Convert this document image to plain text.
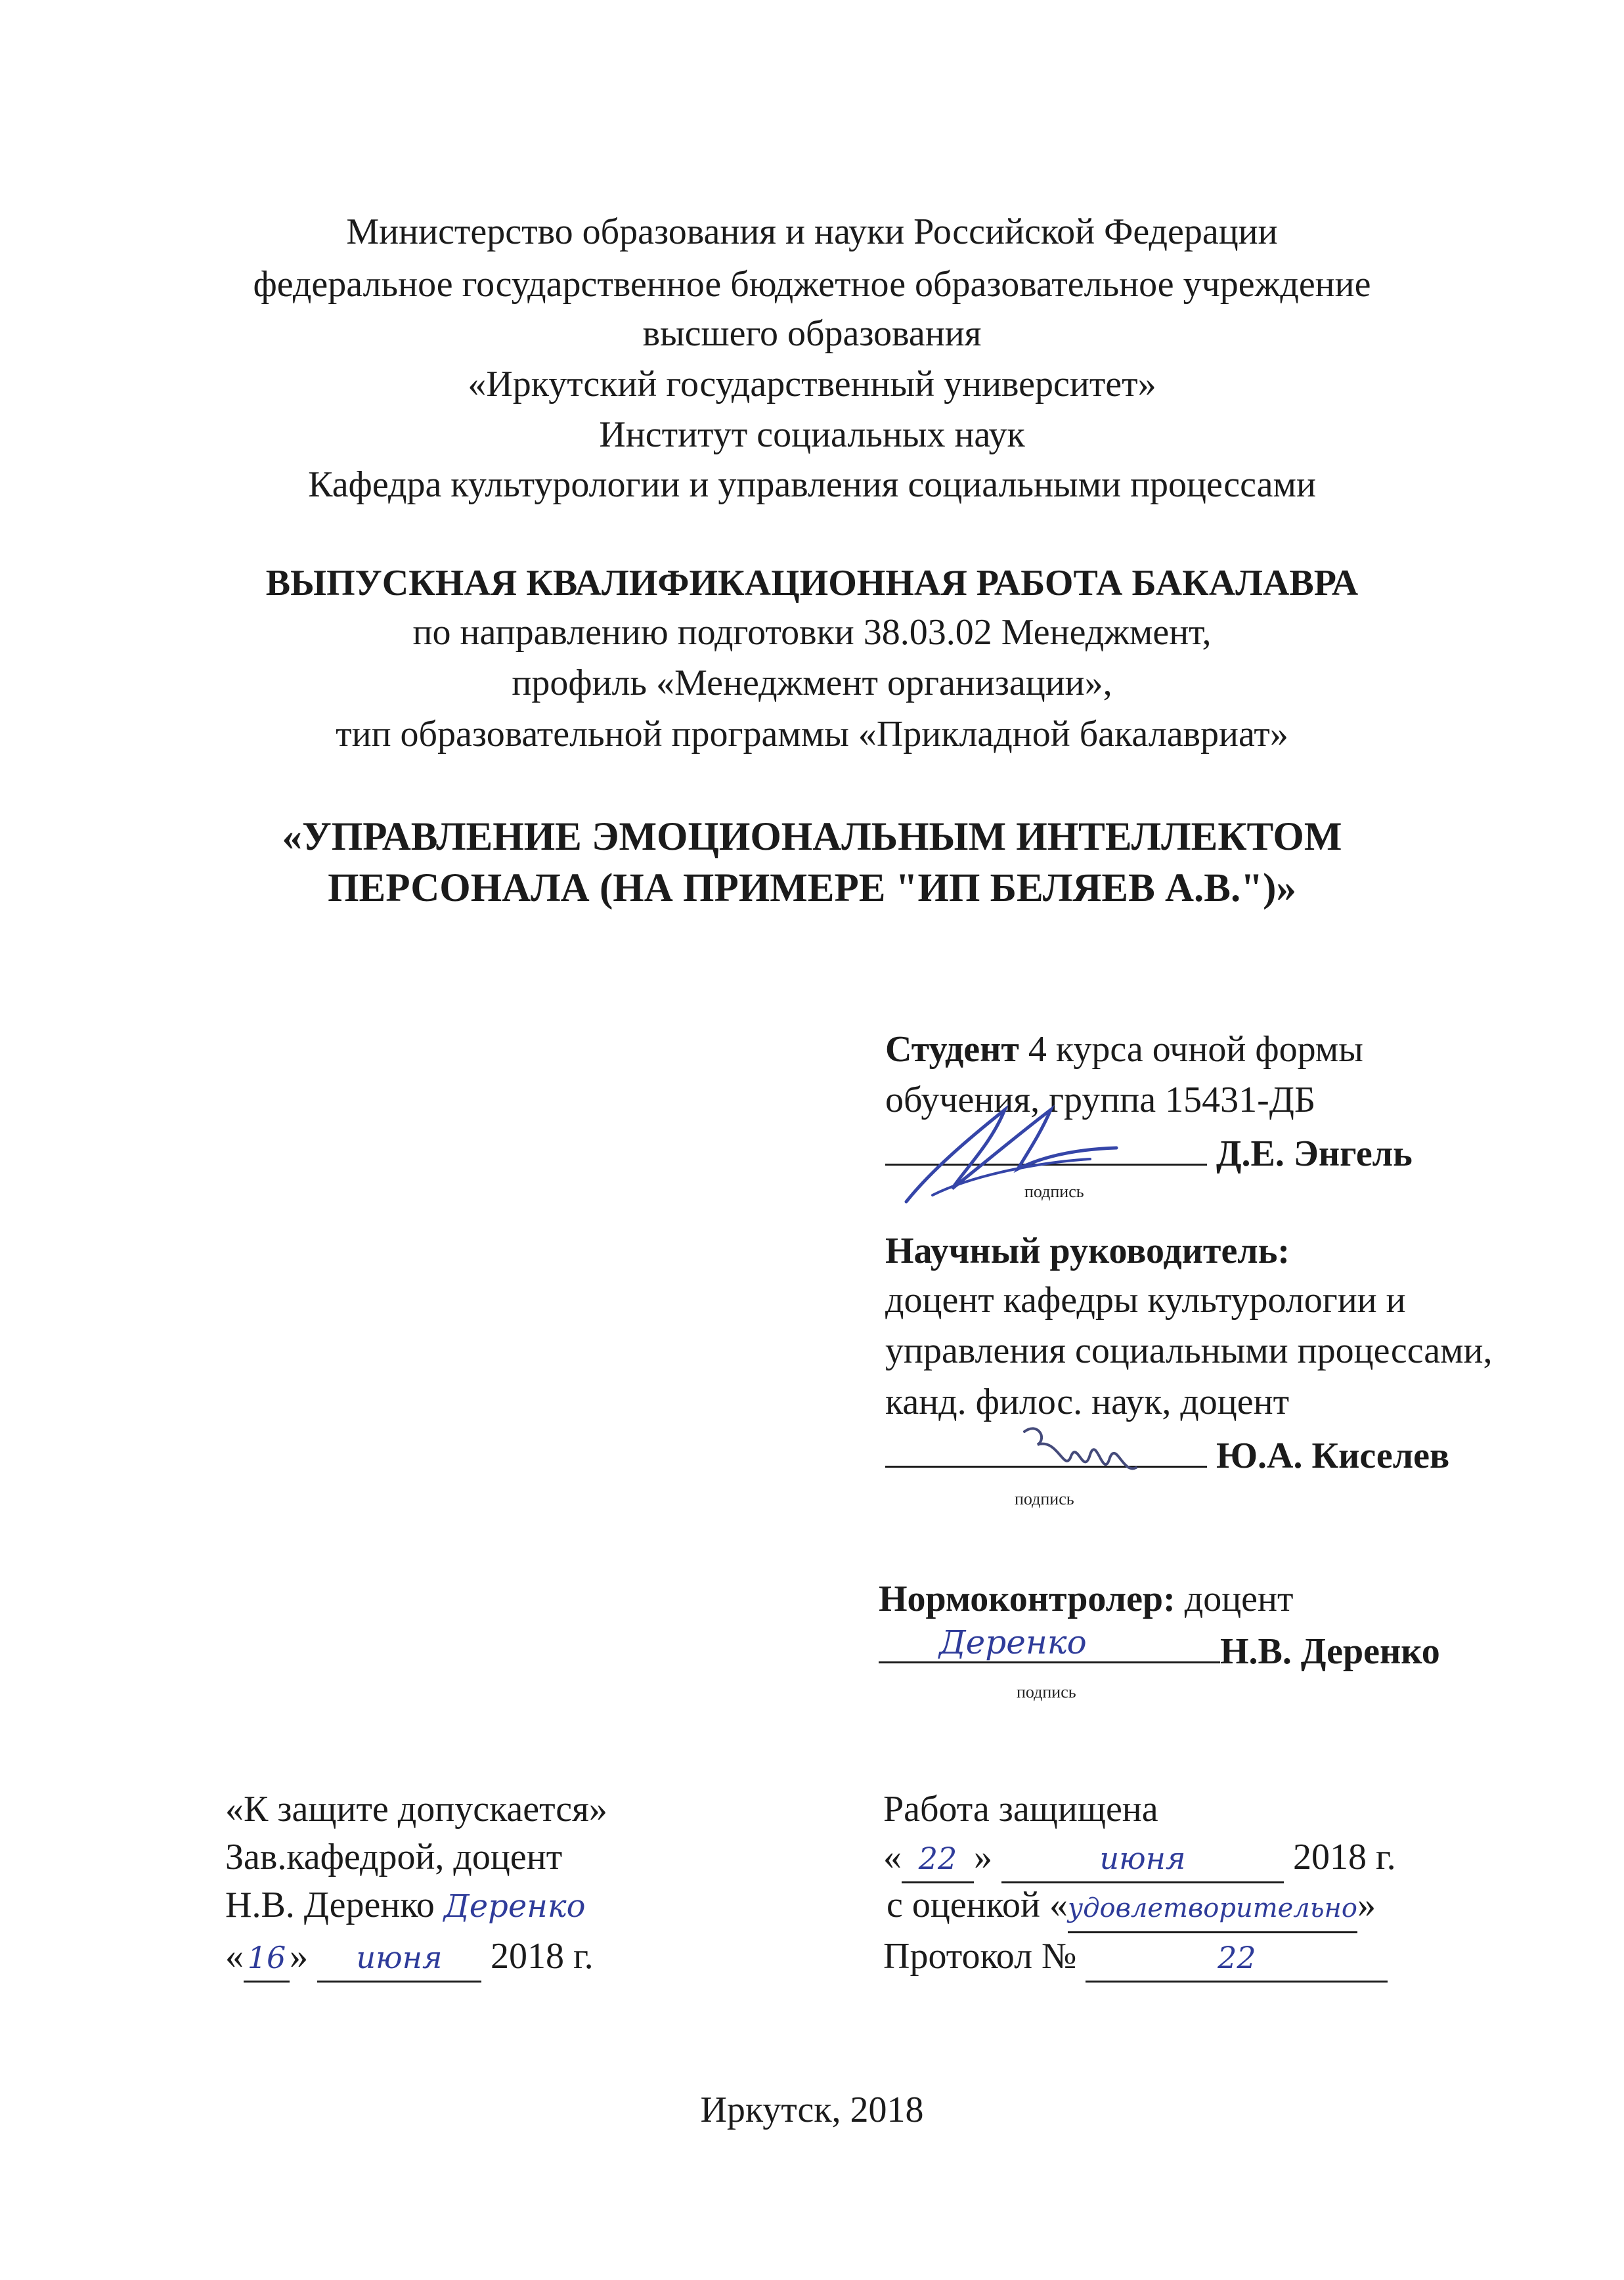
Министерство образования и науки Российской Федерации
федеральное государственное бюджетное образовательное учреждение
высшего образования
«Иркутский государственный университет»
Институт социальных наук
Кафедра культурологии и управления социальными процессами
ВЫПУСКНАЯ КВАЛИФИКАЦИОННАЯ РАБОТА БАКАЛАВРА
по направлению подготовки 38.03.02 Менеджмент,
профиль «Менеджмент организации»,
тип образовательной программы «Прикладной бакалавриат»
«УПРАВЛЕНИЕ ЭМОЦИОНАЛЬНЫМ ИНТЕЛЛЕКТОМ
ПЕРСОНАЛА (НА ПРИМЕРЕ "ИП БЕЛЯЕВ А.В.")»
Студент 4 курса очной формы
обучения, группа 15431-ДБ
Д.Е. Энгель
подпись
Научный руководитель:
доцент кафедры культурологии и
управления социальными процессами,
канд. филос. наук, доцент
Ю.А. Киселев
подпись
Нормоконтролер: доцент
Н.В. Деренко
подпись
Деренко
«К защите допускается»
Зав.кафедрой, доцент
Н.В. Деренко Деренко
« 16 » июня 2018 г.
Работа защищена
« 22 »	июня	2018 г.
с оценкой «удовлетворительно»
Протокол №	22
Иркутск, 2018
